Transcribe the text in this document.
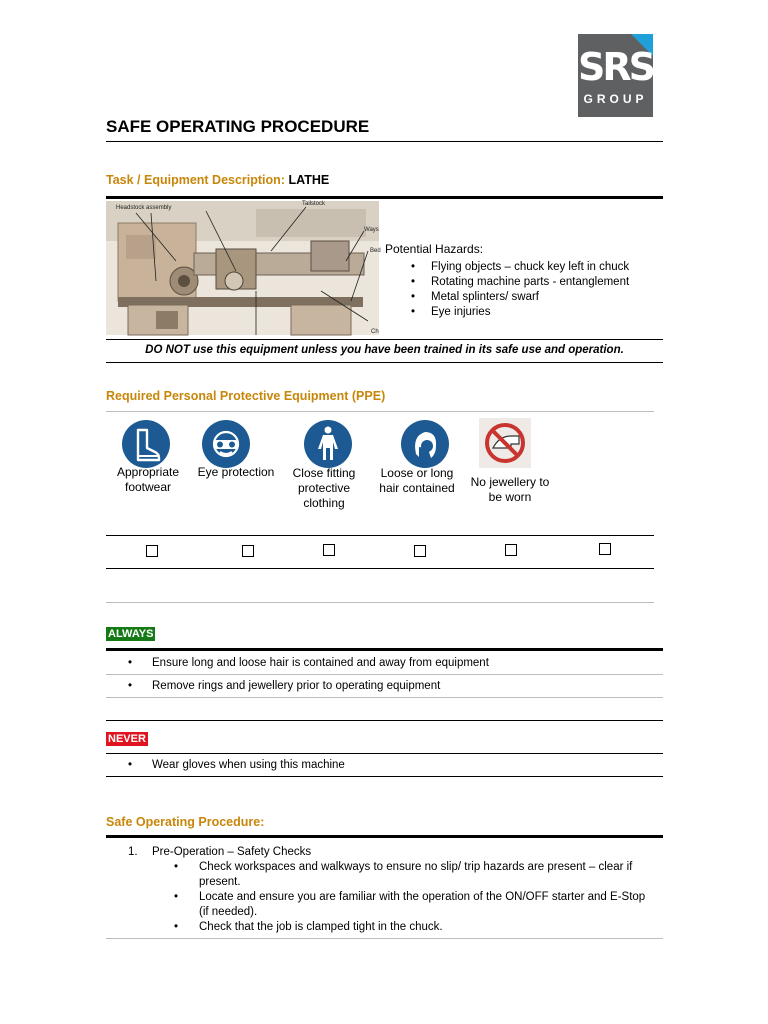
SRS
GROUP
SAFE OPERATING PROCEDURE
Task / Equipment Description: LATHE
Headstock assembly
Tailstock
Ways
Bed
Ch
Potential Hazards:
• Flying objects – chuck key left in chuck
• Rotating machine parts - entanglement
• Metal splinters/ swarf
• Eye injuries
DO NOT use this equipment unless you have been trained in its safe use and operation.
Required Personal Protective Equipment (PPE)
Appropriate footwear
Eye protection	Close fitting protective clothing
Loose or long hair contained	No jewellery to be worn
ALWAYS
• Ensure long and loose hair is contained and away from equipment
• Remove rings and jewellery prior to operating equipment
NEVER
• Wear gloves when using this machine
Safe Operating Procedure:
1. Pre-Operation – Safety Checks
• Check workspaces and walkways to ensure no slip/ trip hazards are present – clear if present.
• Locate and ensure you are familiar with the operation of the ON/OFF starter and E-Stop (if needed).
• Check that the job is clamped tight in the chuck.
